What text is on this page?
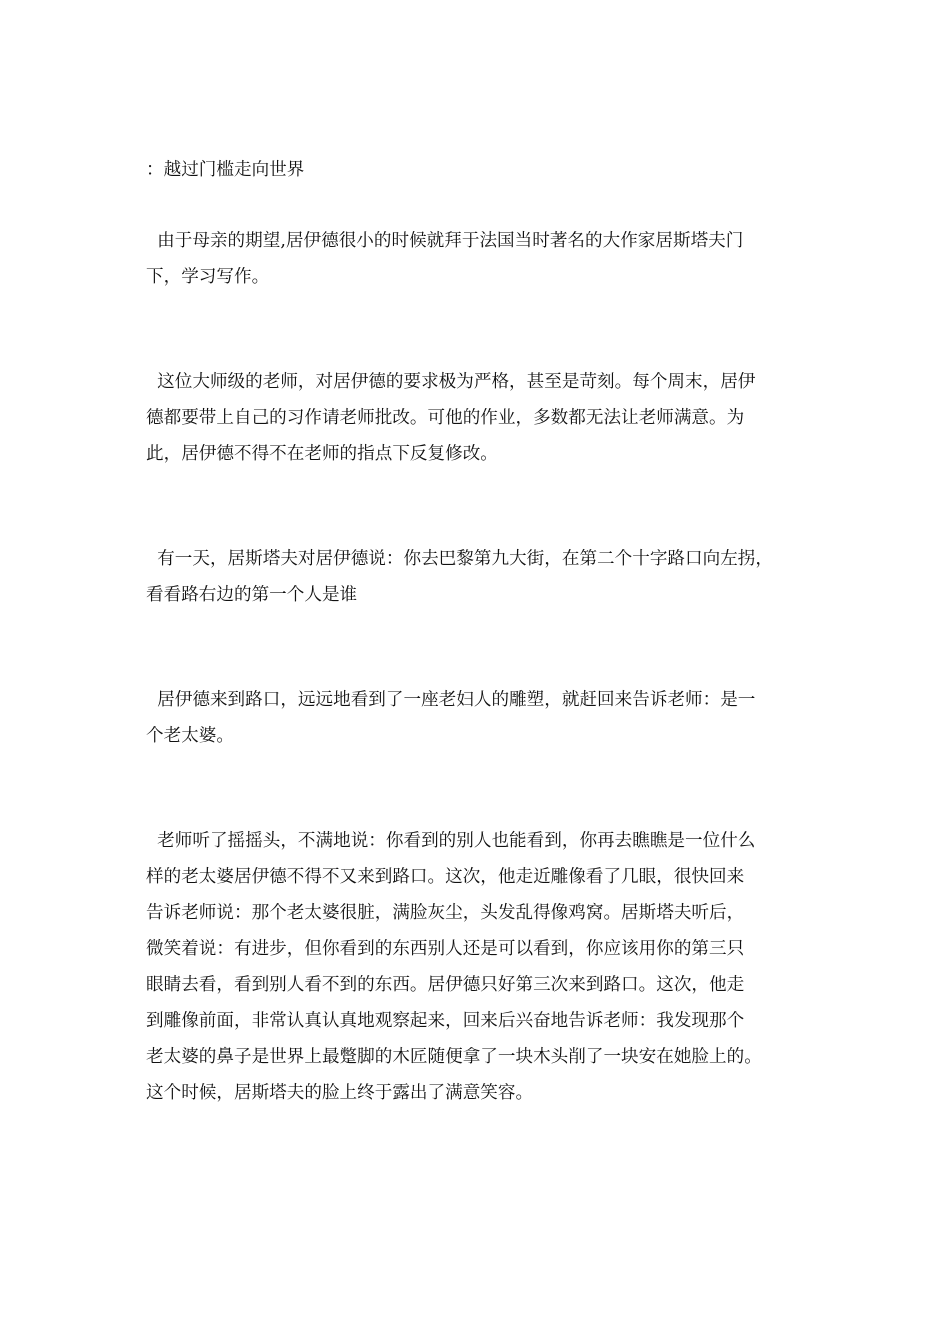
：越过门槛走向世界
由于母亲的期望,居伊德很小的时候就拜于法国当时著名的大作家居斯塔夫门
下，学习写作。
这位大师级的老师，对居伊德的要求极为严格，甚至是苛刻。每个周末，居伊
德都要带上自己的习作请老师批改。可他的作业，多数都无法让老师满意。为
此，居伊德不得不在老师的指点下反复修改。
有一天，居斯塔夫对居伊德说：你去巴黎第九大街，在第二个十字路口向左拐，
看看路右边的第一个人是谁
居伊德来到路口，远远地看到了一座老妇人的雕塑，就赶回来告诉老师：是一
个老太婆。
老师听了摇摇头，不满地说：你看到的别人也能看到，你再去瞧瞧是一位什么
样的老太婆居伊德不得不又来到路口。这次，他走近雕像看了几眼，很快回来
告诉老师说：那个老太婆很脏，满脸灰尘，头发乱得像鸡窝。居斯塔夫听后，
微笑着说：有进步，但你看到的东西别人还是可以看到，你应该用你的第三只
眼睛去看，看到别人看不到的东西。居伊德只好第三次来到路口。这次，他走
到雕像前面，非常认真认真地观察起来，回来后兴奋地告诉老师：我发现那个
老太婆的鼻子是世界上最蹩脚的木匠随便拿了一块木头削了一块安在她脸上的。
这个时候，居斯塔夫的脸上终于露出了满意笑容。
